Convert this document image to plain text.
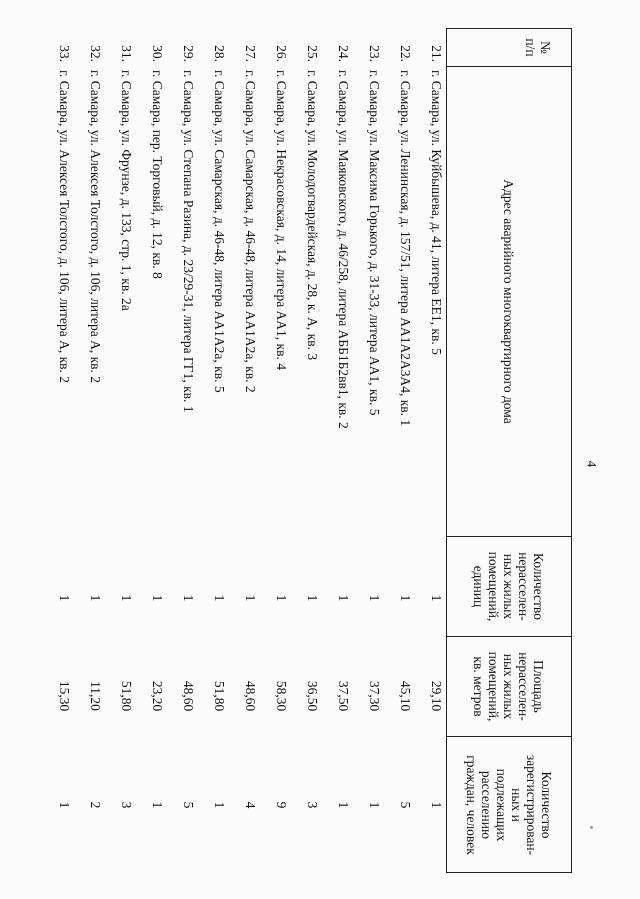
4
№
п/п
Адрес аварийного многоквартирного дома
Количество
нерасселен-
ных жилых
помещений,
единиц
Площадь
нерасселен-
ных жилых
помещений,
кв. метров
Количество
зарегистрирован-
ных и
подлежащих
расселению
граждан, человек
21.
г. Самара, ул. Куйбышева, д. 41, литера ЕЕ1, кв. 5
1
29,10
1
22.
г. Самара, ул. Ленинская, д. 157/51, литера АА1А2А3А4, кв. 1
1
45,10
5
23.
г. Самара, ул. Максима Горького, д. 31-33, литера АА1, кв. 5
1
37,30
1
24.
г. Самара, ул. Маяковского, д. 46/258, литера АББ1Б2вв1, кв. 2
1
37,50
1
25.
г. Самара, ул. Молодогвардейская, д. 28, к. А, кв. 3
1
36,50
3
26.
г. Самара, ул. Некрасовская, д. 14, литера АА1, кв. 4
1
58,30
9
27.
г. Самара, ул. Самарская, д. 46-48, литера АА1А2а, кв. 2
1
48,60
4
28.
г. Самара, ул. Самарская, д. 46-48, литера АА1А2а, кв. 5
1
51,80
1
29.
г. Самара, ул. Степана Разина, д. 23/29-31, литера ГГ1, кв. 1
1
48,60
5
30.
г. Самара, пер. Торговый, д. 12, кв. 8
1
23,20
1
31.
г. Самара, ул. Фрунзе, д. 133, стр. 1, кв. 2а
1
51,80
3
32.
г. Самара, ул. Алексея Толстого, д. 106, литера А, кв. 2
1
11,20
2
33.
г. Самара, ул. Алексея Толстого, д. 106, литера А, кв. 2
1
15,30
1
